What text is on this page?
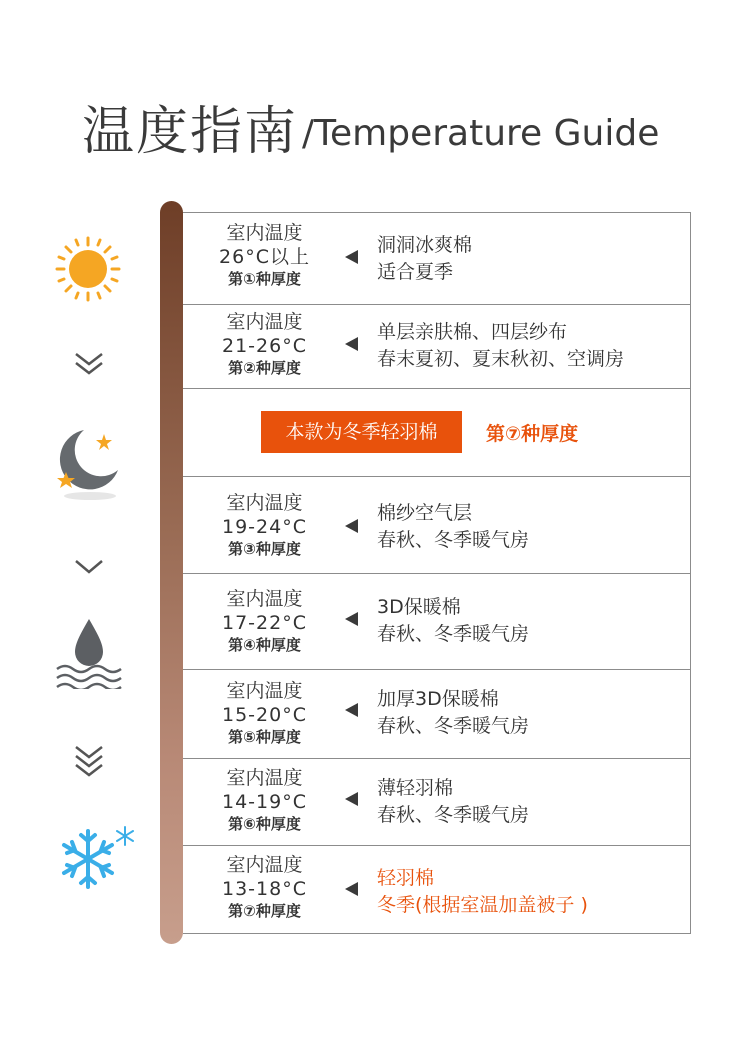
温度指南 /Temperature Guide
室内温度
26°C以上
第①种厚度
洞洞冰爽棉
适合夏季
室内温度
21-26°C
第②种厚度
单层亲肤棉、四层纱布
春末夏初、夏末秋初、空调房
本款为冬季轻羽棉	第⑦种厚度
室内温度
19-24°C
第③种厚度
棉纱空气层
春秋、冬季暖气房
室内温度
17-22°C
第④种厚度
3D保暖棉
春秋、冬季暖气房
室内温度
15-20°C
第⑤种厚度
加厚3D保暖棉
春秋、冬季暖气房
室内温度
14-19°C
第⑥种厚度
薄轻羽棉
春秋、冬季暖气房
室内温度
13-18°C
第⑦种厚度
轻羽棉
冬季(根据室温加盖被子 )
